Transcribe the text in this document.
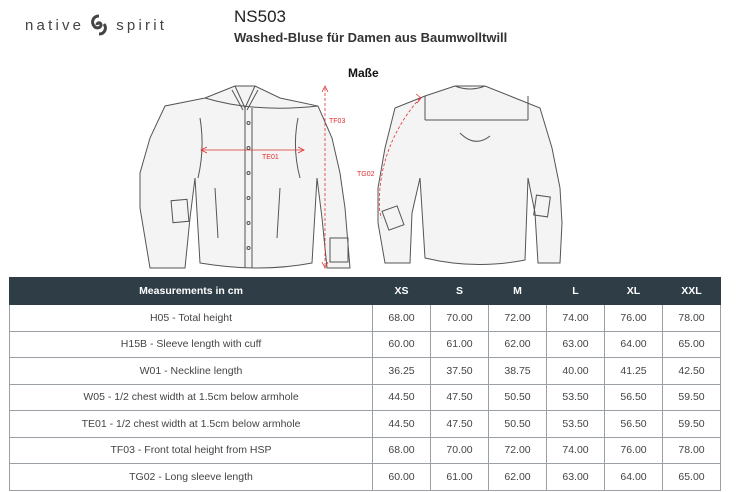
native spirit	NS503
Washed-Bluse für Damen aus Baumwolltwill
Maße
TF03
TE01
TG02
Measurements in cm	XS	S	M	L	XL	XXL
H05 - Total height	68.00	70.00	72.00	74.00	76.00	78.00
H15B - Sleeve length with cuff	60.00	61.00	62.00	63.00	64.00	65.00
W01 - Neckline length	36.25	37.50	38.75	40.00	41.25	42.50
W05 - 1/2 chest width at 1.5cm below armhole	44.50	47.50	50.50	53.50	56.50	59.50
TE01 - 1/2 chest width at 1.5cm below armhole	44.50	47.50	50.50	53.50	56.50	59.50
TF03 - Front total height from HSP	68.00	70.00	72.00	74.00	76.00	78.00
TG02 - Long sleeve length	60.00	61.00	62.00	63.00	64.00	65.00
